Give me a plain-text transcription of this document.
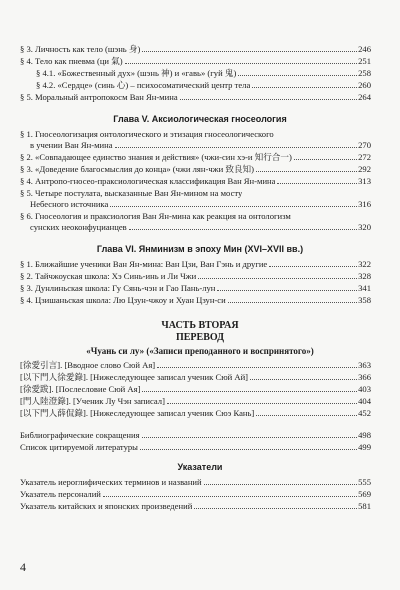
§ 3. Личность как тело (шэнь 身)	246
§ 4. Тело как пневма (ци 氣)	251
§ 4.1. «Божественный дух» (шэнь 神) и «гавь» (гуй 鬼)	258
§ 4.2. «Сердце» (синь 心) – психосоматический центр тела	260
§ 5. Моральный антропокосм Ван Ян-мина	264
Глава V. Аксиологическая гносеология
§ 1. Гносеологизация онтологического и этизация гносеологического
в учении Ван Ян-мина	270
§ 2. «Совпадающее единство знания и действия» (чжи-син хэ-и 知行合一)	272
§ 3. «Доведение благосмыслия до конца» (чжи лян-чжи 致良知)	292
§ 4. Антропо-гносео-праксиологическая классификация Ван Ян-мина	313
§ 5. Четыре постулата, высказанные Ван Ян-мином на мосту
Небесного источника	316
§ 6. Гносеология и праксиология Ван Ян-мина как реакция на онтологизм
сунских неоконфуцианцев	320
Глава VI. Янминизм в эпоху Мин (XVI–XVII вв.)
§ 1. Ближайшие ученики Ван Ян-мина: Ван Цзи, Ван Гэнь и другие	322
§ 2. Тайчжоуская школа: Хэ Синь-инь и Ли Чжи	328
§ 3. Дунлиньская школа: Гу Сянь-чэн и Гао Пань-лун	341
§ 4. Цзишаньская школа: Лю Цзун-чжоу и Хуан Цзун-си	358
ЧАСТЬ ВТОРАЯ
ПЕРЕВОД
«Чуань си лу» («Записи преподанного и воспринятого»)
[徐愛引言]. [Вводное слово Сюй Ая]	363
[以下門人徐愛錄]. [Нижеследующее записал ученик Сюй Ай]	366
[徐愛跋]. [Послесловие Сюй Ая]	403
[門人陸澄錄]. [Ученик Лу Чэн записал]	404
[以下門人薛侃錄]. [Нижеследующее записал ученик Сюэ Кань]	452
Библиографические сокращения	498
Список цитируемой литературы	499
Указатели
Указатель иероглифических терминов и названий	555
Указатель персоналий	569
Указатель китайских и японских произведений	581
4
